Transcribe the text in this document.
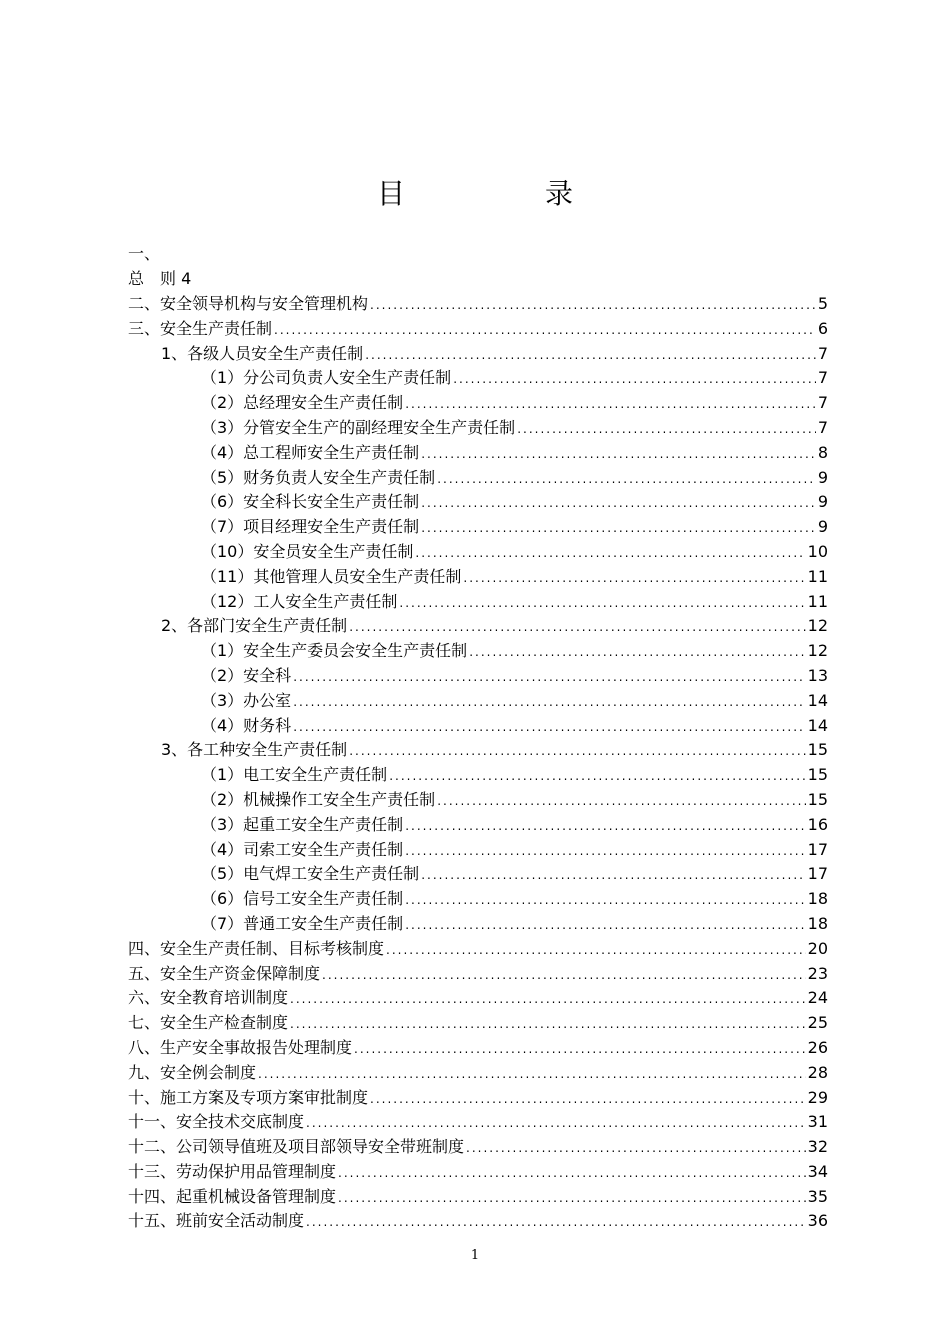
目	录
一、
总　则 4
二、安全领导机构与安全管理机构 .....	5
三、安全生产责任制 .....	6
1、各级人员安全生产责任制 .....	7
（1）分公司负责人安全生产责任制 .....	7
（2）总经理安全生产责任制 .....	7
（3）分管安全生产的副经理安全生产责任制 .....	7
（4）总工程师安全生产责任制 .....	8
（5）财务负责人安全生产责任制 .....	9
（6）安全科长安全生产责任制 .....	9
（7）项目经理安全生产责任制 .....	9
（10）安全员安全生产责任制 .....	10
（11）其他管理人员安全生产责任制 .....	11
（12）工人安全生产责任制 .....	11
2、各部门安全生产责任制 .....	12
（1）安全生产委员会安全生产责任制 .....	12
（2）安全科 .....	13
（3）办公室 .....	14
（4）财务科 .....	14
3、各工种安全生产责任制 .....	15
（1）电工安全生产责任制 .....	15
（2）机械操作工安全生产责任制 .....	15
（3）起重工安全生产责任制 .....	16
（4）司索工安全生产责任制 .....	17
（5）电气焊工安全生产责任制 .....	17
（6）信号工安全生产责任制 .....	18
（7）普通工安全生产责任制 .....	18
四、安全生产责任制、目标考核制度 .....	20
五、安全生产资金保障制度 .....	23
六、安全教育培训制度 .....	24
七、安全生产检查制度 .....	25
八、生产安全事故报告处理制度 .....	26
九、安全例会制度 .....	28
十、施工方案及专项方案审批制度 .....	29
十一、安全技术交底制度 .....	31
十二、公司领导值班及项目部领导安全带班制度 .....	32
十三、劳动保护用品管理制度 .....	34
十四、起重机械设备管理制度 .....	35
十五、班前安全活动制度 .....	36
1
